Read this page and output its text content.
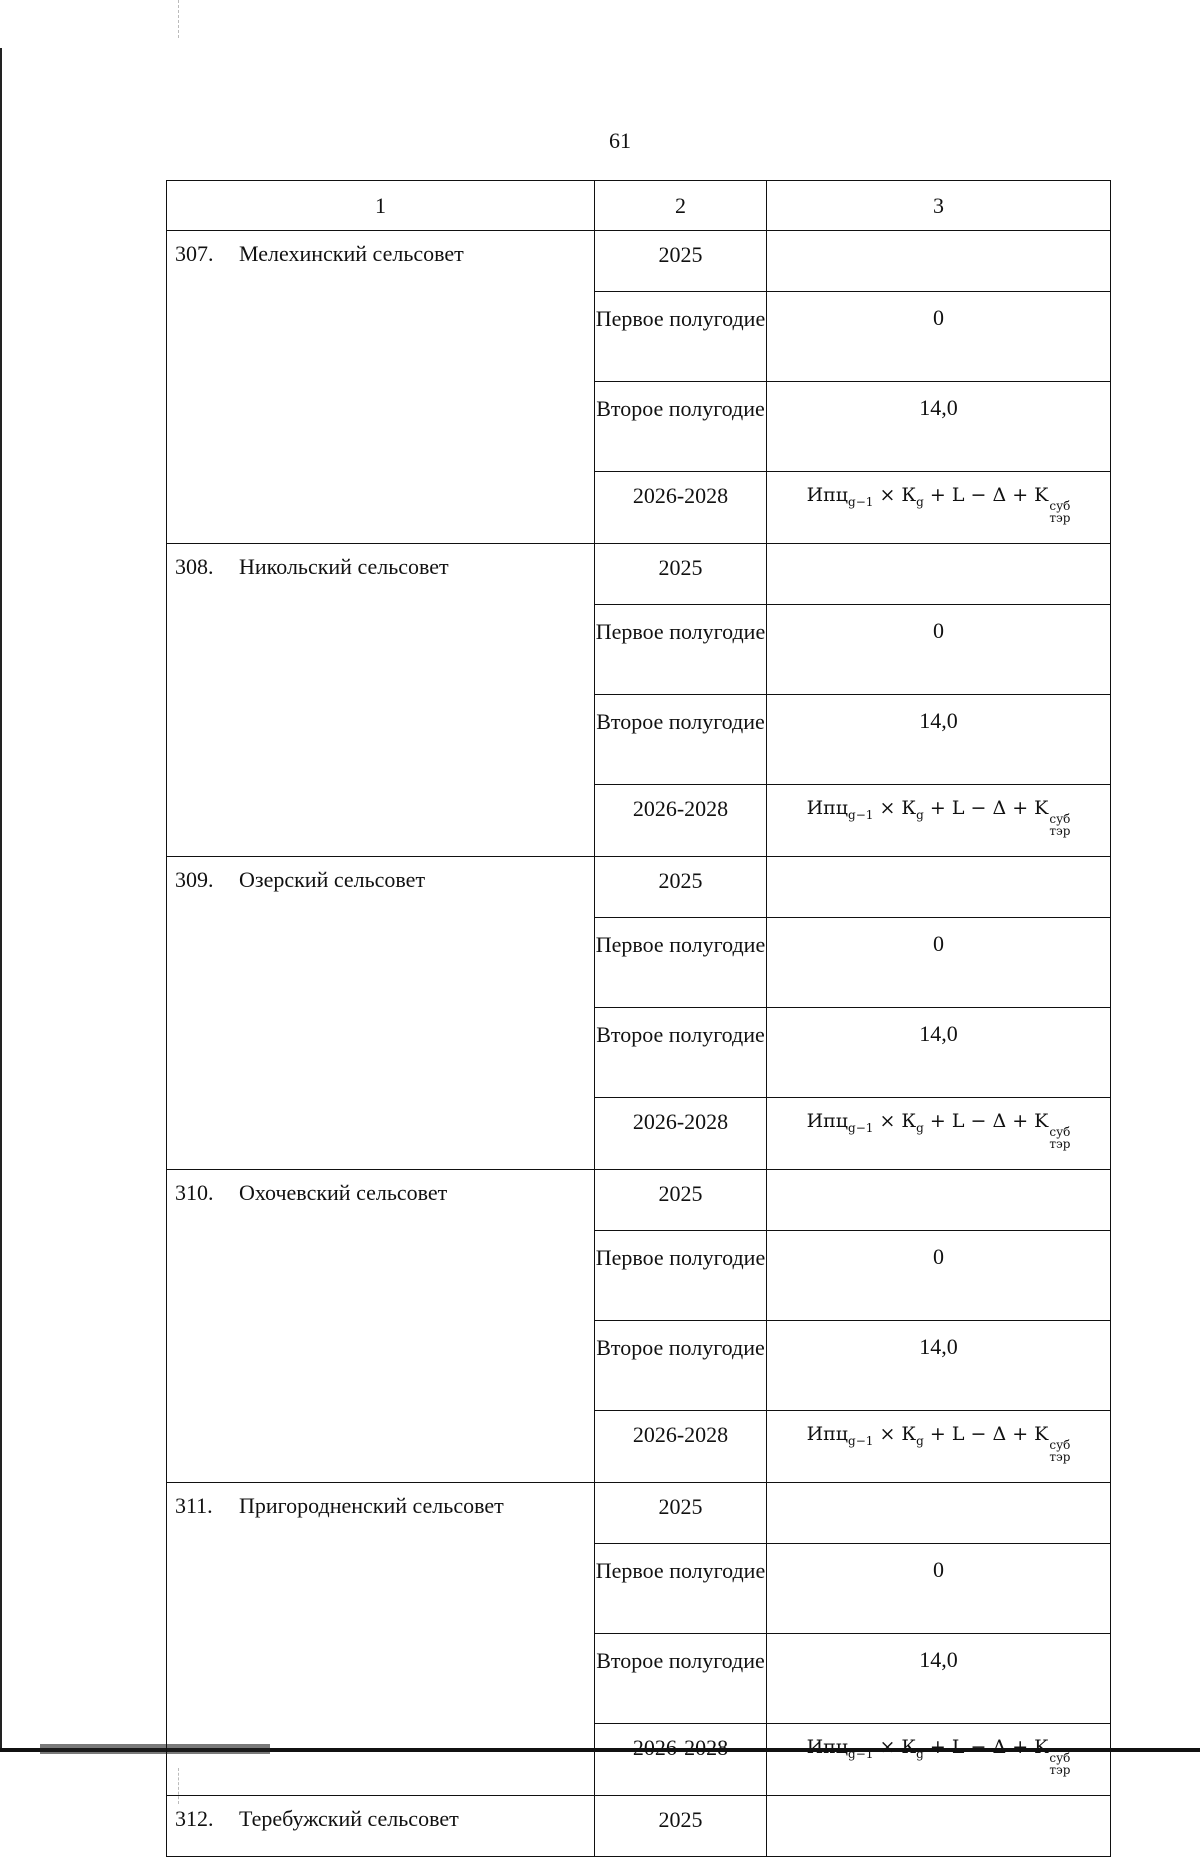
61
1	2	3
307. Мелехинский сельсовет	2025	
	Первое полугодие	0
	Второе полугодие	14,0
	2026-2028	$Ипц_{g-1} \times К_g + L - \Delta + K$ суб
тэр

308. Никольский сельсовет	2025	
	Первое полугодие	0
	Второе полугодие	14,0
	2026-2028	$Ипц_{g-1} \times К_g + L - \Delta + K$ суб
тэр

309. Озерский сельсовет	2025	
	Первое полугодие	0
	Второе полугодие	14,0
	2026-2028	$Ипц_{g-1} \times К_g + L - \Delta + K$ суб
тэр

310. Охочевский сельсовет	2025	
	Первое полугодие	0
	Второе полугодие	14,0
	2026-2028	$Ипц_{g-1} \times К_g + L - \Delta + K$ суб
тэр

311. Пригородненский сельсовет	2025	
	Первое полугодие	0
	Второе полугодие	14,0
	2026-2028	$Ипц_{g-1} \times К_g + L - \Delta + K$ суб
тэр

312. Теребужский сельсовет	2025	
